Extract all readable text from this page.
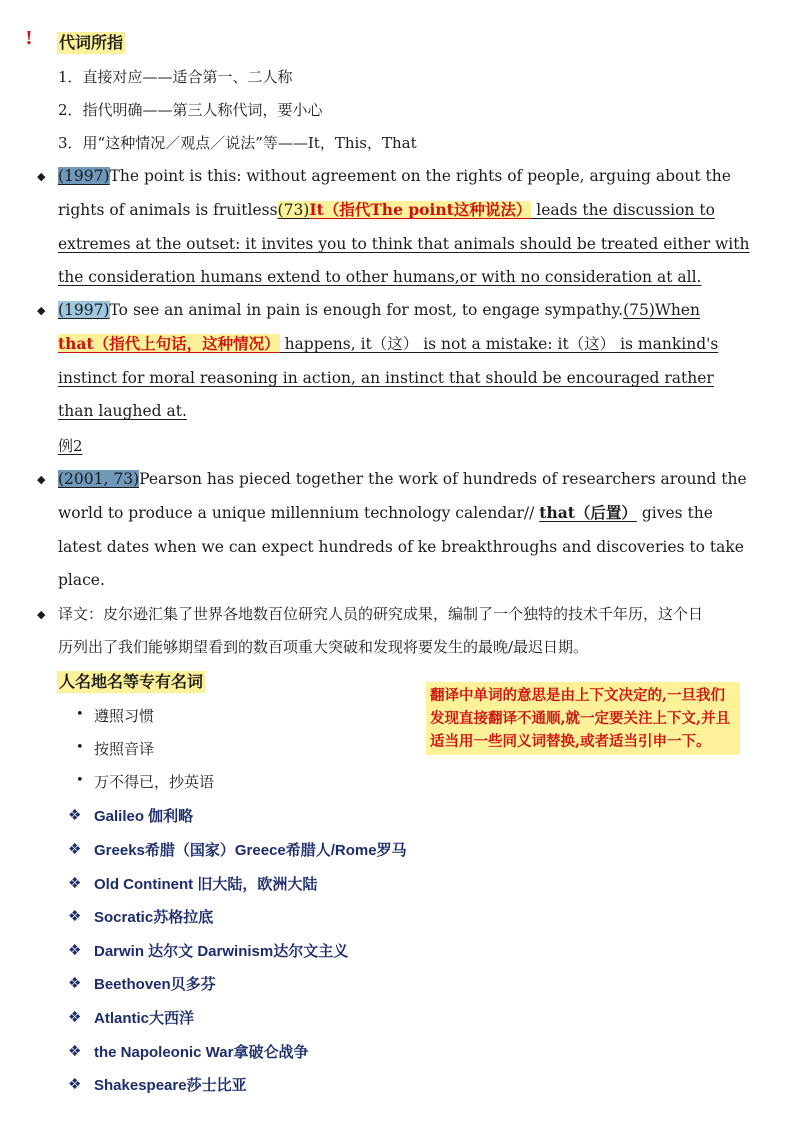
! 代词所指
1．直接对应——适合第一、二人称
2．指代明确——第三人称代词，要小心
3．用“这种情况／观点／说法”等——It，This，That
◆ (1997)The point is this: without agreement on the rights of people, arguing about the
rights of animals is fruitless(73)It（指代The point这种说法） leads the discussion to
extremes at the outset: it invites you to think that animals should be treated either with
the consideration humans extend to other humans,or with no consideration at all.
◆ (1997)To see an animal in pain is enough for most, to engage sympathy.(75)When
that（指代上句话，这种情况） happens, it（这） is not a mistake: it（这） is mankind's
instinct for moral reasoning in action, an instinct that should be encouraged rather
than laughed at.
例2
◆ (2001, 73)Pearson has pieced together the work of hundreds of researchers around the
world to produce a unique millennium technology calendar// that（后置） gives the
latest dates when we can expect hundreds of ke breakthroughs and discoveries to take
place.
◆ 译文：皮尔逊汇集了世界各地数百位研究人员的研究成果，编制了一个独特的技术千年历，这个日
历列出了我们能够期望看到的数百项重大突破和发现将要发生的最晚/最迟日期。
人名地名等专有名词
翻译中单词的意思是由上下文决定的,一旦我们发现直接翻译不通顺,就一定要关注上下文,并且适当用一些同义词替换,或者适当引申一下。
• 遵照习惯
• 按照音译
• 万不得已，抄英语
❖ Galileo 伽利略
❖ Greeks希腊（国家）Greece希腊人/Rome罗马
❖ Old Continent 旧大陆，欧洲大陆
❖ Socratic苏格拉底
❖ Darwin 达尔文 Darwinism达尔文主义
❖ Beethoven贝多芬
❖ Atlantic大西洋
❖ the Napoleonic War拿破仑战争
❖ Shakespeare莎士比亚
